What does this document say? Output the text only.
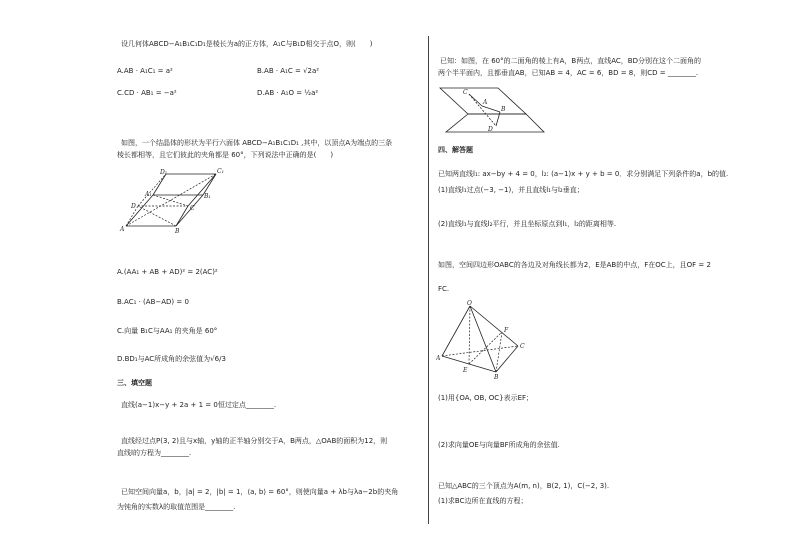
设几何体ABCD−A₁B₁C₁D₁是棱长为a的正方体，A₁C与B₁D相交于点O，则(　　)
A.AB · A₁C₁ = a²	B.AB · A₁C = √2a²
C.CD · AB₁ = −a²	D.AB · A₁O = ½a²
如图，一个结晶体的形状为平行六面体 ABCD−A₁B₁C₁D₁ ,其中，以顶点A为端点的三条
棱长都相等，且它们彼此的夹角都是 60°，下列说法中正确的是(　　)
D₁	C₁
A₁	B₁
D	C
A	B
A.(AA₁ + AB + AD)² = 2(AC)²
B.AC₁ · (AB−AD) = 0
C.向量 B₁C与AA₁ 的夹角是 60°
D.BD₁与AC所成角的余弦值为√6/3
三、填空题
直线(a−1)x−y + 2a + 1 = 0恒过定点________.
直线经过点P(3, 2)且与x轴，y轴的正半轴分别交于A，B两点，△OAB的面积为12，则
直线l的方程为________.
已知空间向量a，b，|a| = 2，|b| = 1，⟨a, b⟩ = 60°，则使向量a + λb与λa−2b的夹角
为钝角的实数λ的取值范围是________.
已知：如图，在 60°的二面角的棱上有A，B两点，直线AC，BD分别在这个二面角的
两个半平面内，且都垂直AB，已知AB = 4，AC = 6，BD = 8，则CD = ________.
C
A
B
D
四、解答题
已知两直线l₁: ax−by + 4 = 0，l₂: (a−1)x + y + b = 0．求分别满足下列条件的a，b的值.
(1)直线l₁过点(−3, −1)，并且直线l₁与l₂垂直；
(2)直线l₁与直线l₂平行，并且坐标原点到l₁，l₂的距离相等.
如图，空间四边形OABC的各边及对角线长都为2，E是AB的中点，F在OC上，且OF = 2
FC.
O
F
C
A
E
B
(1)用{OA, OB, OC}表示EF；
(2)求向量OE与向量BF所成角的余弦值.
已知△ABC的三个顶点为A(m, n)，B(2, 1)，C(−2, 3).
(1)求BC边所在直线的方程；
